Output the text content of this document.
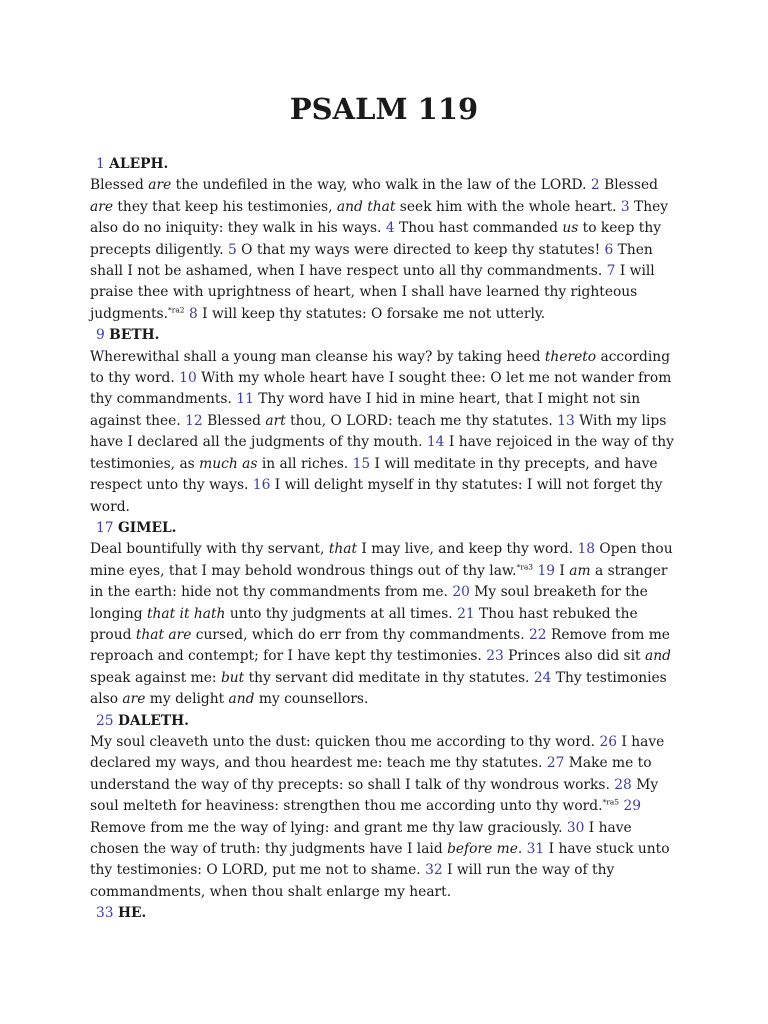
PSALM 119
1 ALEPH.
Blessed are the undefiled in the way, who walk in the law of the LORD. 2 Blessed are they that keep his testimonies, and that seek him with the whole heart. 3 They also do no iniquity: they walk in his ways. 4 Thou hast commanded us to keep thy precepts diligently. 5 O that my ways were directed to keep thy statutes! 6 Then shall I not be ashamed, when I have respect unto all thy commandments. 7 I will praise thee with uprightness of heart, when I shall have learned thy righteous judgments.$^{*ra2}$ 8 I will keep thy statutes: O forsake me not utterly.
9 BETH.
Wherewithal shall a young man cleanse his way? by taking heed thereto according to thy word. 10 With my whole heart have I sought thee: O let me not wander from thy commandments. 11 Thy word have I hid in mine heart, that I might not sin against thee. 12 Blessed art thou, O LORD: teach me thy statutes. 13 With my lips have I declared all the judgments of thy mouth. 14 I have rejoiced in the way of thy testimonies, as much as in all riches. 15 I will meditate in thy precepts, and have respect unto thy ways. 16 I will delight myself in thy statutes: I will not forget thy word.
17 GIMEL.
Deal bountifully with thy servant, that I may live, and keep thy word. 18 Open thou mine eyes, that I may behold wondrous things out of thy law.$^{*ra3}$ 19 I am a stranger in the earth: hide not thy commandments from me. 20 My soul breaketh for the longing that it hath unto thy judgments at all times. 21 Thou hast rebuked the proud that are cursed, which do err from thy commandments. 22 Remove from me reproach and contempt; for I have kept thy testimonies. 23 Princes also did sit and speak against me: but thy servant did meditate in thy statutes. 24 Thy testimonies also are my delight and my counsellors.
25 DALETH.
My soul cleaveth unto the dust: quicken thou me according to thy word. 26 I have declared my ways, and thou heardest me: teach me thy statutes. 27 Make me to understand the way of thy precepts: so shall I talk of thy wondrous works. 28 My soul melteth for heaviness: strengthen thou me according unto thy word.$^{*ra5}$ 29 Remove from me the way of lying: and grant me thy law graciously. 30 I have chosen the way of truth: thy judgments have I laid before me. 31 I have stuck unto thy testimonies: O LORD, put me not to shame. 32 I will run the way of thy commandments, when thou shalt enlarge my heart.
33 HE.
